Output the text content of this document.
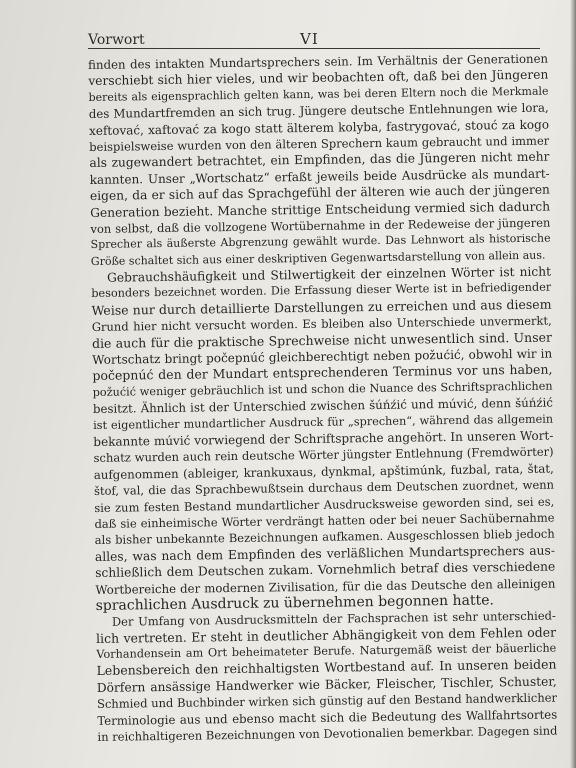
Vorwort	VI
finden des intakten Mundartsprechers sein. Im Verhältnis der Generationen
verschiebt sich hier vieles, und wir beobachten oft, daß bei den Jüngeren
bereits als eigensprachlich gelten kann, was bei deren Eltern noch die Merkmale
des Mundartfremden an sich trug. Jüngere deutsche Entlehnungen wie lora,
xeftovać, xaftovać za kogo statt älterem kolyba, fastrygovać, stouć za kogo
beispielsweise wurden von den älteren Sprechern kaum gebraucht und immer
als zugewandert betrachtet, ein Empfinden, das die Jüngeren nicht mehr
kannten. Unser „Wortschatz“ erfaßt jeweils beide Ausdrücke als mundart-
eigen, da er sich auf das Sprachgefühl der älteren wie auch der jüngeren
Generation bezieht. Manche strittige Entscheidung vermied sich dadurch
von selbst, daß die vollzogene Wortübernahme in der Redeweise der jüngeren
Sprecher als äußerste Abgrenzung gewählt wurde. Das Lehnwort als historische
Größe schaltet sich aus einer deskriptiven Gegenwartsdarstellung von allein aus.
Gebrauchshäufigkeit und Stilwertigkeit der einzelnen Wörter ist nicht
besonders bezeichnet worden. Die Erfassung dieser Werte ist in befriedigender
Weise nur durch detaillierte Darstellungen zu erreichen und aus diesem
Grund hier nicht versucht worden. Es bleiben also Unterschiede unvermerkt,
die auch für die praktische Sprechweise nicht unwesentlich sind. Unser
Wortschatz bringt počepnúć gleichberechtigt neben požućić, obwohl wir in
počepnúć den der Mundart entsprechenderen Terminus vor uns haben,
požućić weniger gebräuchlich ist und schon die Nuance des Schriftsprachlichen
besitzt. Ähnlich ist der Unterschied zwischen šúńźić und múvić, denn šúńźić
ist eigentlicher mundartlicher Ausdruck für „sprechen“, während das allgemein
bekannte múvić vorwiegend der Schriftsprache angehört. In unseren Wort-
schatz wurden auch rein deutsche Wörter jüngster Entlehnung (Fremdwörter)
aufgenommen (ableiger, krankuxaus, dynkmal, apštimúnk, fuzbal, rata, štat,
štof, val, die das Sprachbewußtsein durchaus dem Deutschen zuordnet, wenn
sie zum festen Bestand mundartlicher Ausdrucksweise geworden sind, sei es,
daß sie einheimische Wörter verdrängt hatten oder bei neuer Sachübernahme
als bisher unbekannte Bezeichnungen aufkamen. Ausgeschlossen blieb jedoch
alles, was nach dem Empfinden des verläßlichen Mundartsprechers aus-
schließlich dem Deutschen zukam. Vornehmlich betraf dies verschiedene
Wortbereiche der modernen Zivilisation, für die das Deutsche den alleinigen
sprachlichen Ausdruck zu übernehmen begonnen hatte.
Der Umfang von Ausdrucksmitteln der Fachsprachen ist sehr unterschied-
lich vertreten. Er steht in deutlicher Abhängigkeit von dem Fehlen oder
Vorhandensein am Ort beheimateter Berufe. Naturgemäß weist der bäuerliche
Lebensbereich den reichhaltigsten Wortbestand auf. In unseren beiden
Dörfern ansässige Handwerker wie Bäcker, Fleischer, Tischler, Schuster,
Schmied und Buchbinder wirken sich günstig auf den Bestand handwerklicher
Terminologie aus und ebenso macht sich die Bedeutung des Wallfahrtsortes
in reichhaltigeren Bezeichnungen von Devotionalien bemerkbar. Dagegen sind
